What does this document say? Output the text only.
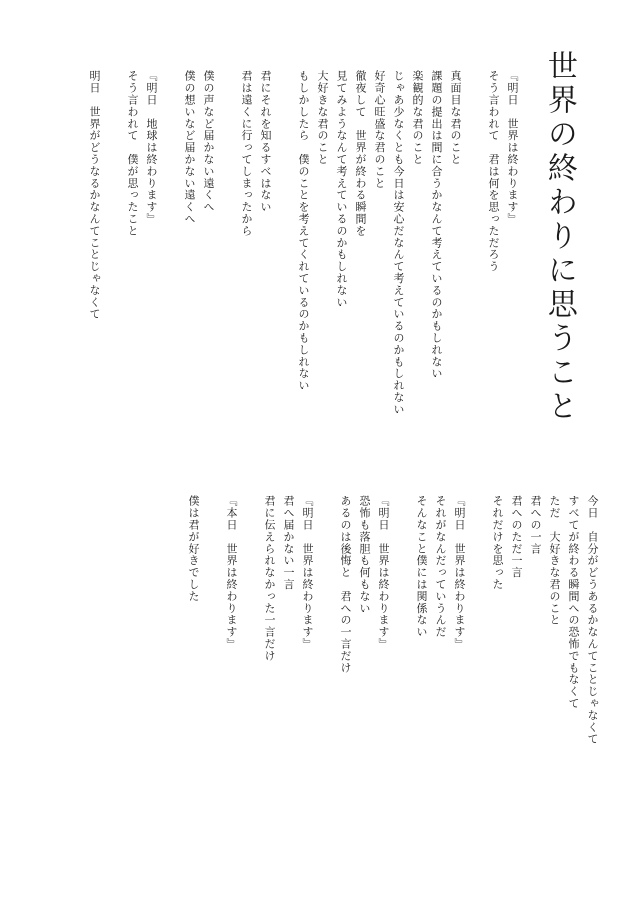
世界の終わりに思うこと
『明日　世界は終わります』
そう言われて　君は何を思っただろう
真面目な君のこと
課題の提出は間に合うかなんて考えているのかもしれない
楽観的な君のこと
じゃあ少なくとも今日は安心だなんて考えているのかもしれない
好奇心旺盛な君のこと
徹夜して　世界が終わる瞬間を
見てみようなんて考えているのかもしれない
大好きな君のこと
もしかしたら　僕のことを考えてくれているのかもしれない
君にそれを知るすべはない
君は遠くに行ってしまったから
僕の声など届かない遠くへ
僕の想いなど届かない遠くへ
『明日　地球は終わります』
そう言われて　僕が思ったこと
明日　世界がどうなるかなんてことじゃなくて
今日　自分がどうあるかなんてことじゃなくて
すべてが終わる瞬間への恐怖でもなくて
ただ　大好きな君のこと
君への一言
君へのただ一言
それだけを思った
『明日　世界は終わります』
それがなんだっていうんだ
そんなこと僕には関係ない
『明日　世界は終わります』
恐怖も落胆も何もない
あるのは後悔と　君への一言だけ
『明日　世界は終わります』
君へ届かない一言
君に伝えられなかった一言だけ
『本日　世界は終わります』
僕は君が好きでした
